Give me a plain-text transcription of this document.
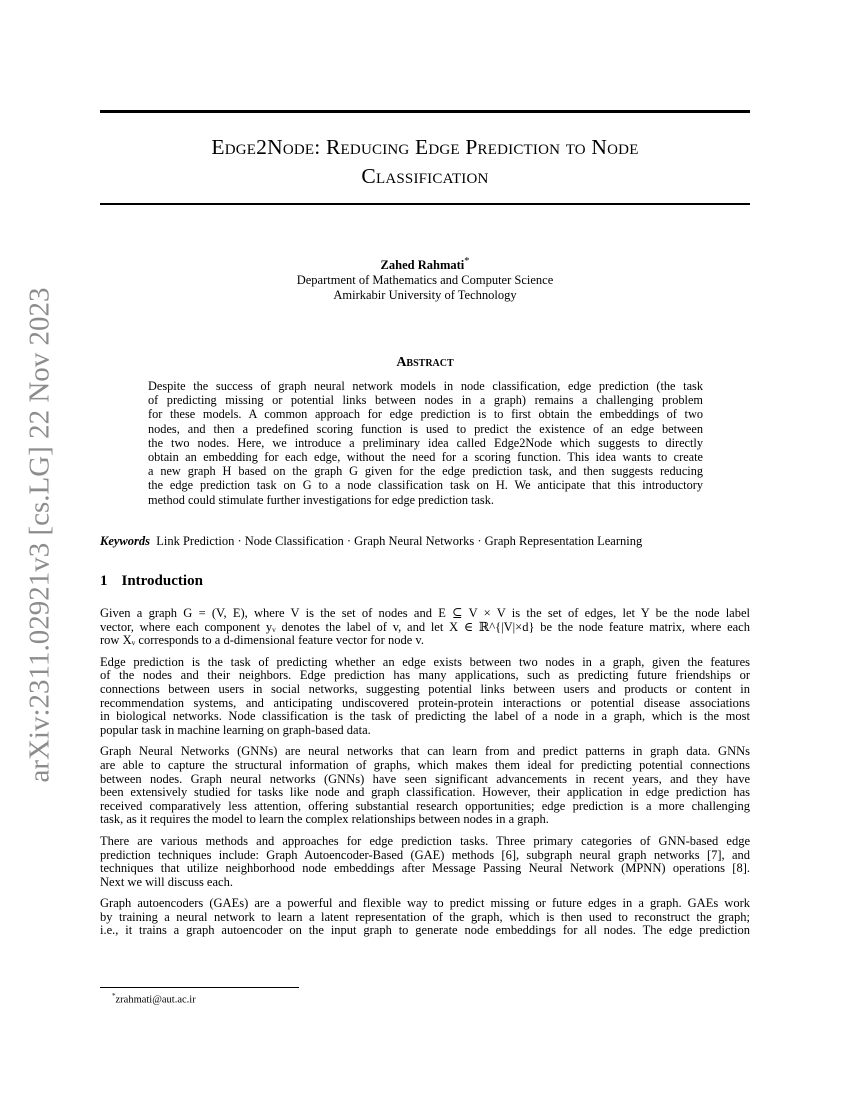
arXiv:2311.02921v3 [cs.LG] 22 Nov 2023
Edge2Node: Reducing Edge Prediction to Node
Classification
Zahed Rahmati*
Department of Mathematics and Computer Science
Amirkabir University of Technology
Abstract
Despite the success of graph neural network models in node classification, edge prediction (the task
of predicting missing or potential links between nodes in a graph) remains a challenging problem
for these models. A common approach for edge prediction is to first obtain the embeddings of two
nodes, and then a predefined scoring function is used to predict the existence of an edge between
the two nodes. Here, we introduce a preliminary idea called Edge2Node which suggests to directly
obtain an embedding for each edge, without the need for a scoring function. This idea wants to create
a new graph H based on the graph G given for the edge prediction task, and then suggests reducing
the edge prediction task on G to a node classification task on H. We anticipate that this introductory
method could stimulate further investigations for edge prediction task.
Keywords Link Prediction · Node Classification · Graph Neural Networks · Graph Representation Learning
1 Introduction
Given a graph G = (V, E), where V is the set of nodes and E ⊆ V × V is the set of edges, let Y be the node label
vector, where each component yᵥ denotes the label of v, and let X ∈ ℝ^{|V|×d} be the node feature matrix, where each
row Xᵥ corresponds to a d-dimensional feature vector for node v.
Edge prediction is the task of predicting whether an edge exists between two nodes in a graph, given the features
of the nodes and their neighbors. Edge prediction has many applications, such as predicting future friendships or
connections between users in social networks, suggesting potential links between users and products or content in
recommendation systems, and anticipating undiscovered protein-protein interactions or potential disease associations
in biological networks. Node classification is the task of predicting the label of a node in a graph, which is the most
popular task in machine learning on graph-based data.
Graph Neural Networks (GNNs) are neural networks that can learn from and predict patterns in graph data. GNNs
are able to capture the structural information of graphs, which makes them ideal for predicting potential connections
between nodes. Graph neural networks (GNNs) have seen significant advancements in recent years, and they have
been extensively studied for tasks like node and graph classification. However, their application in edge prediction has
received comparatively less attention, offering substantial research opportunities; edge prediction is a more challenging
task, as it requires the model to learn the complex relationships between nodes in a graph.
There are various methods and approaches for edge prediction tasks. Three primary categories of GNN-based edge
prediction techniques include: Graph Autoencoder-Based (GAE) methods [6], subgraph neural graph networks [7], and
techniques that utilize neighborhood node embeddings after Message Passing Neural Network (MPNN) operations [8].
Next we will discuss each.
Graph autoencoders (GAEs) are a powerful and flexible way to predict missing or future edges in a graph. GAEs work
by training a neural network to learn a latent representation of the graph, which is then used to reconstruct the graph;
i.e., it trains a graph autoencoder on the input graph to generate node embeddings for all nodes. The edge prediction
*zrahmati@aut.ac.ir
